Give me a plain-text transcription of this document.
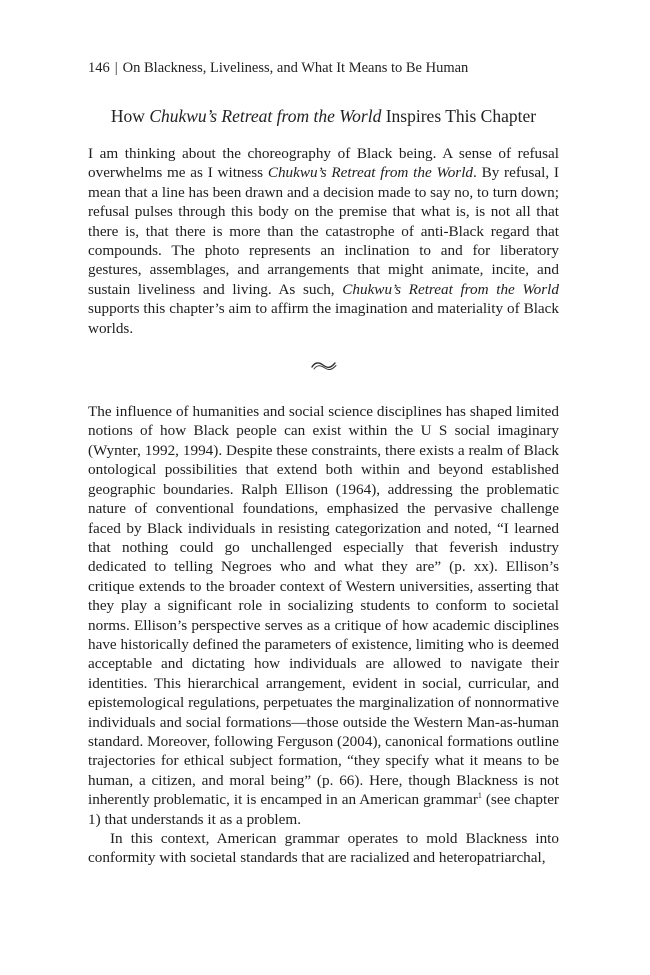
146 | On Blackness, Liveliness, and What It Means to Be Human
How Chukwu’s Retreat from the World Inspires This Chapter

I am thinking about the choreography of Black being. A sense of refusal overwhelms me as I witness Chukwu’s Retreat from the World. By refusal, I mean that a line has been drawn and a decision made to say no, to turn down; refusal pulses through this body on the premise that what is, is not all that there is, that there is more than the catastrophe of anti-Black regard that compounds. The photo represents an inclination to and for liberatory gestures, assemblages, and arrangements that might animate, incite, and sustain liveliness and living. As such, Chukwu’s Retreat from the World supports this chapter’s aim to affirm the imagination and materiality of Black worlds.

The influence of humanities and social science disciplines has shaped limited notions of how Black people can exist within the U S social imaginary (Wynter, 1992, 1994). Despite these constraints, there exists a realm of Black ontological possibilities that extend both within and beyond established geographic boundaries. Ralph Ellison (1964), addressing the problematic nature of conventional foundations, emphasized the pervasive challenge faced by Black individuals in resisting categorization and noted, “I learned that nothing could go unchallenged especially that feverish industry dedicated to telling Negroes who and what they are” (p. xx). Ellison’s critique extends to the broader context of Western universities, asserting that they play a significant role in socializing students to conform to societal norms. Ellison’s perspective serves as a critique of how academic disciplines have historically defined the parameters of existence, limiting who is deemed acceptable and dictating how individuals are allowed to navigate their identities. This hierarchical arrangement, evident in social, curricular, and epistemological regulations, perpetuates the marginalization of nonnormative individuals and social formations—those outside the Western Man-as-human standard. Moreover, following Ferguson (2004), canonical formations outline trajectories for ethical subject formation, “they specify what it means to be human, a citizen, and moral being” (p. 66). Here, though Blackness is not inherently problematic, it is encamped in an American grammar$^1$ (see chapter 1) that understands it as a problem.

In this context, American grammar operates to mold Blackness into conformity with societal standards that are racialized and heteropatriarchal,
